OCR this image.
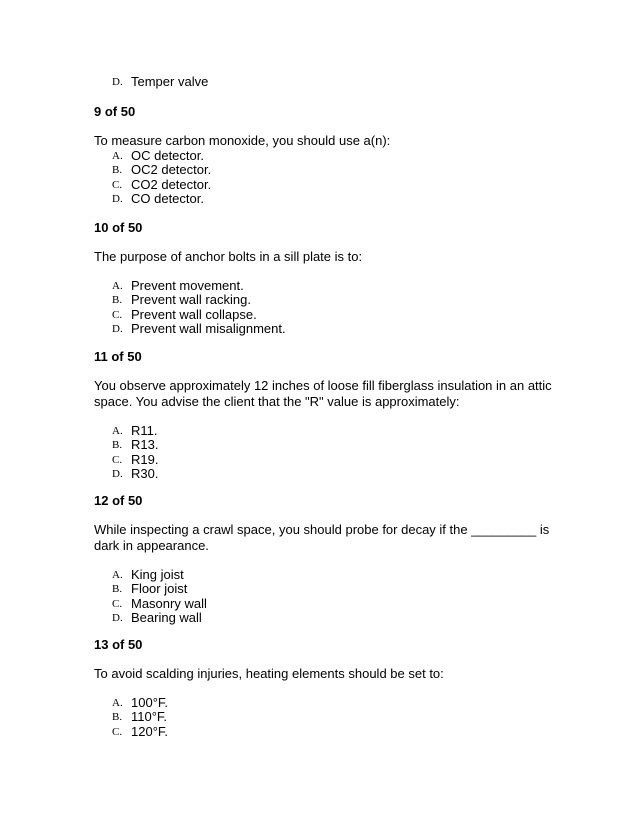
D. Temper valve

9 of 50

To measure carbon monoxide, you should use a(n):

A. OC detector.
B. OC2 detector.
C. CO2 detector.
D. CO detector.

10 of 50

The purpose of anchor bolts in a sill plate is to:

A. Prevent movement.
B. Prevent wall racking.
C. Prevent wall collapse.
D. Prevent wall misalignment.

11 of 50

You observe approximately 12 inches of loose fill fiberglass insulation in an attic space. You advise the client that the "R" value is approximately:

A. R11.
B. R13.
C. R19.
D. R30.

12 of 50

While inspecting a crawl space, you should probe for decay if the _________ is dark in appearance.

A. King joist
B. Floor joist
C. Masonry wall
D. Bearing wall

13 of 50

To avoid scalding injuries, heating elements should be set to:

A. 100°F.
B. 110°F.
C. 120°F.
